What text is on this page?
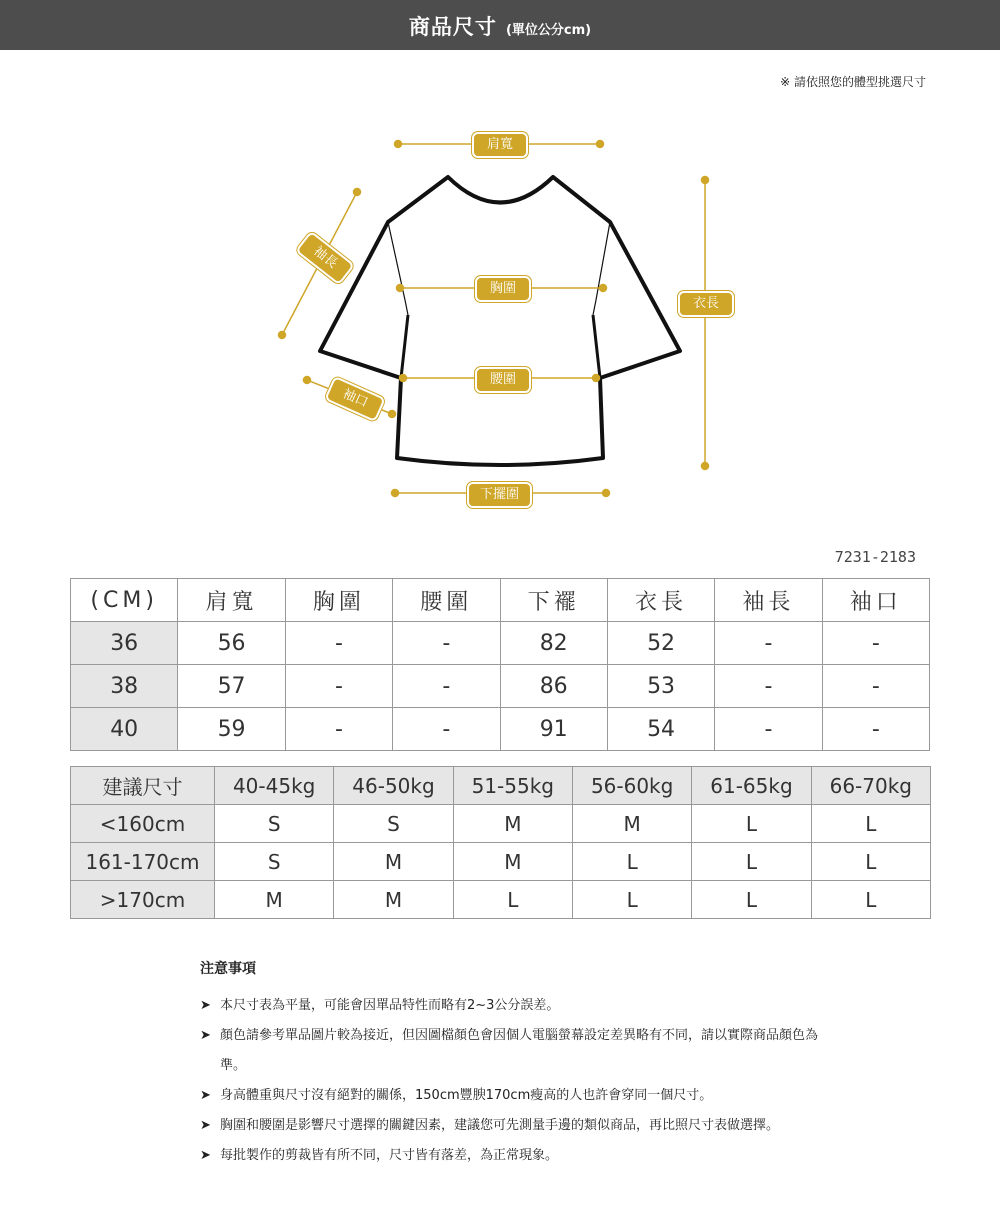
商品尺寸 (單位公分cm)
※ 請依照您的體型挑選尺寸
肩寬
胸圍
腰圍
下擺圍
衣長
袖長
袖口
7231-2183
(CM)	肩寬	胸圍	腰圍	下襬	衣長	袖長	袖口
36	56	-	-	82	52	-	-
38	57	-	-	86	53	-	-
40	59	-	-	91	54	-	-
建議尺寸	40-45kg	46-50kg	51-55kg	56-60kg	61-65kg	66-70kg
<160cm	S	S	M	M	L	L
161-170cm	S	M	M	L	L	L
>170cm	M	M	L	L	L	L
注意事項
➤ 本尺寸表為平量，可能會因單品特性而略有2~3公分誤差。
➤ 顏色請參考單品圖片較為接近，但因圖檔顏色會因個人電腦螢幕設定差異略有不同，請以實際商品顏色為準。
➤ 身高體重與尺寸沒有絕對的關係，150cm豐腴170cm瘦高的人也許會穿同一個尺寸。
➤ 胸圍和腰圍是影響尺寸選擇的關鍵因素，建議您可先測量手邊的類似商品，再比照尺寸表做選擇。
➤ 每批製作的剪裁皆有所不同，尺寸皆有落差，為正常現象。
